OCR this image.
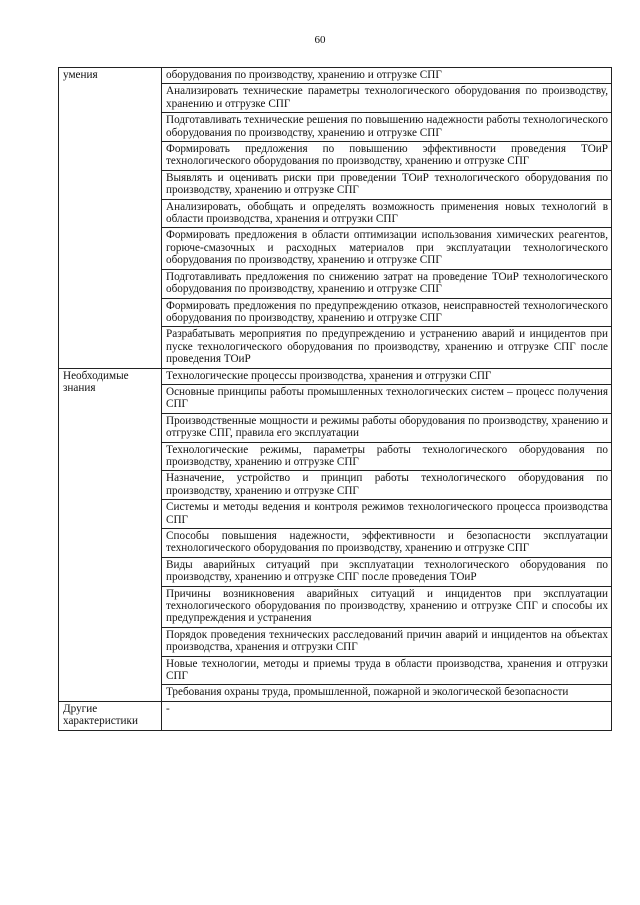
60
умения	оборудования по производству, хранению и отгрузке СПГ
	Анализировать технические параметры технологического оборудования по производству, хранению и отгрузке СПГ
	Подготавливать технические решения по повышению надежности работы технологического оборудования по производству, хранению и отгрузке СПГ
	Формировать предложения по повышению эффективности проведения ТОиР технологического оборудования по производству, хранению и отгрузке СПГ
	Выявлять и оценивать риски при проведении ТОиР технологического оборудования по производству, хранению и отгрузке СПГ
	Анализировать, обобщать и определять возможность применения новых технологий в области производства, хранения и отгрузки СПГ
	Формировать предложения в области оптимизации использования химических реагентов, горюче-смазочных и расходных материалов при эксплуатации технологического оборудования по производству, хранению и отгрузке СПГ
	Подготавливать предложения по снижению затрат на проведение ТОиР технологического оборудования по производству, хранению и отгрузке СПГ
	Формировать предложения по предупреждению отказов, неисправностей технологического оборудования по производству, хранению и отгрузке СПГ
	Разрабатывать мероприятия по предупреждению и устранению аварий и инцидентов при пуске технологического оборудования по производству, хранению и отгрузке СПГ после проведения ТОиР
Необходимые знания	Технологические процессы производства, хранения и отгрузки СПГ
	Основные принципы работы промышленных технологических систем – процесс получения СПГ
	Производственные мощности и режимы работы оборудования по производству, хранению и отгрузке СПГ, правила его эксплуатации
	Технологические режимы, параметры работы технологического оборудования по производству, хранению и отгрузке СПГ
	Назначение, устройство и принцип работы технологического оборудования по производству, хранению и отгрузке СПГ
	Системы и методы ведения и контроля режимов технологического процесса производства СПГ
	Способы повышения надежности, эффективности и безопасности эксплуатации технологического оборудования по производству, хранению и отгрузке СПГ
	Виды аварийных ситуаций при эксплуатации технологического оборудования по производству, хранению и отгрузке СПГ после проведения ТОиР
	Причины возникновения аварийных ситуаций и инцидентов при эксплуатации технологического оборудования по производству, хранению и отгрузке СПГ и способы их предупреждения и устранения
	Порядок проведения технических расследований причин аварий и инцидентов на объектах производства, хранения и отгрузки СПГ
	Новые технологии, методы и приемы труда в области производства, хранения и отгрузки СПГ
	Требования охраны труда, промышленной, пожарной и экологической безопасности
Другие характеристики	-
